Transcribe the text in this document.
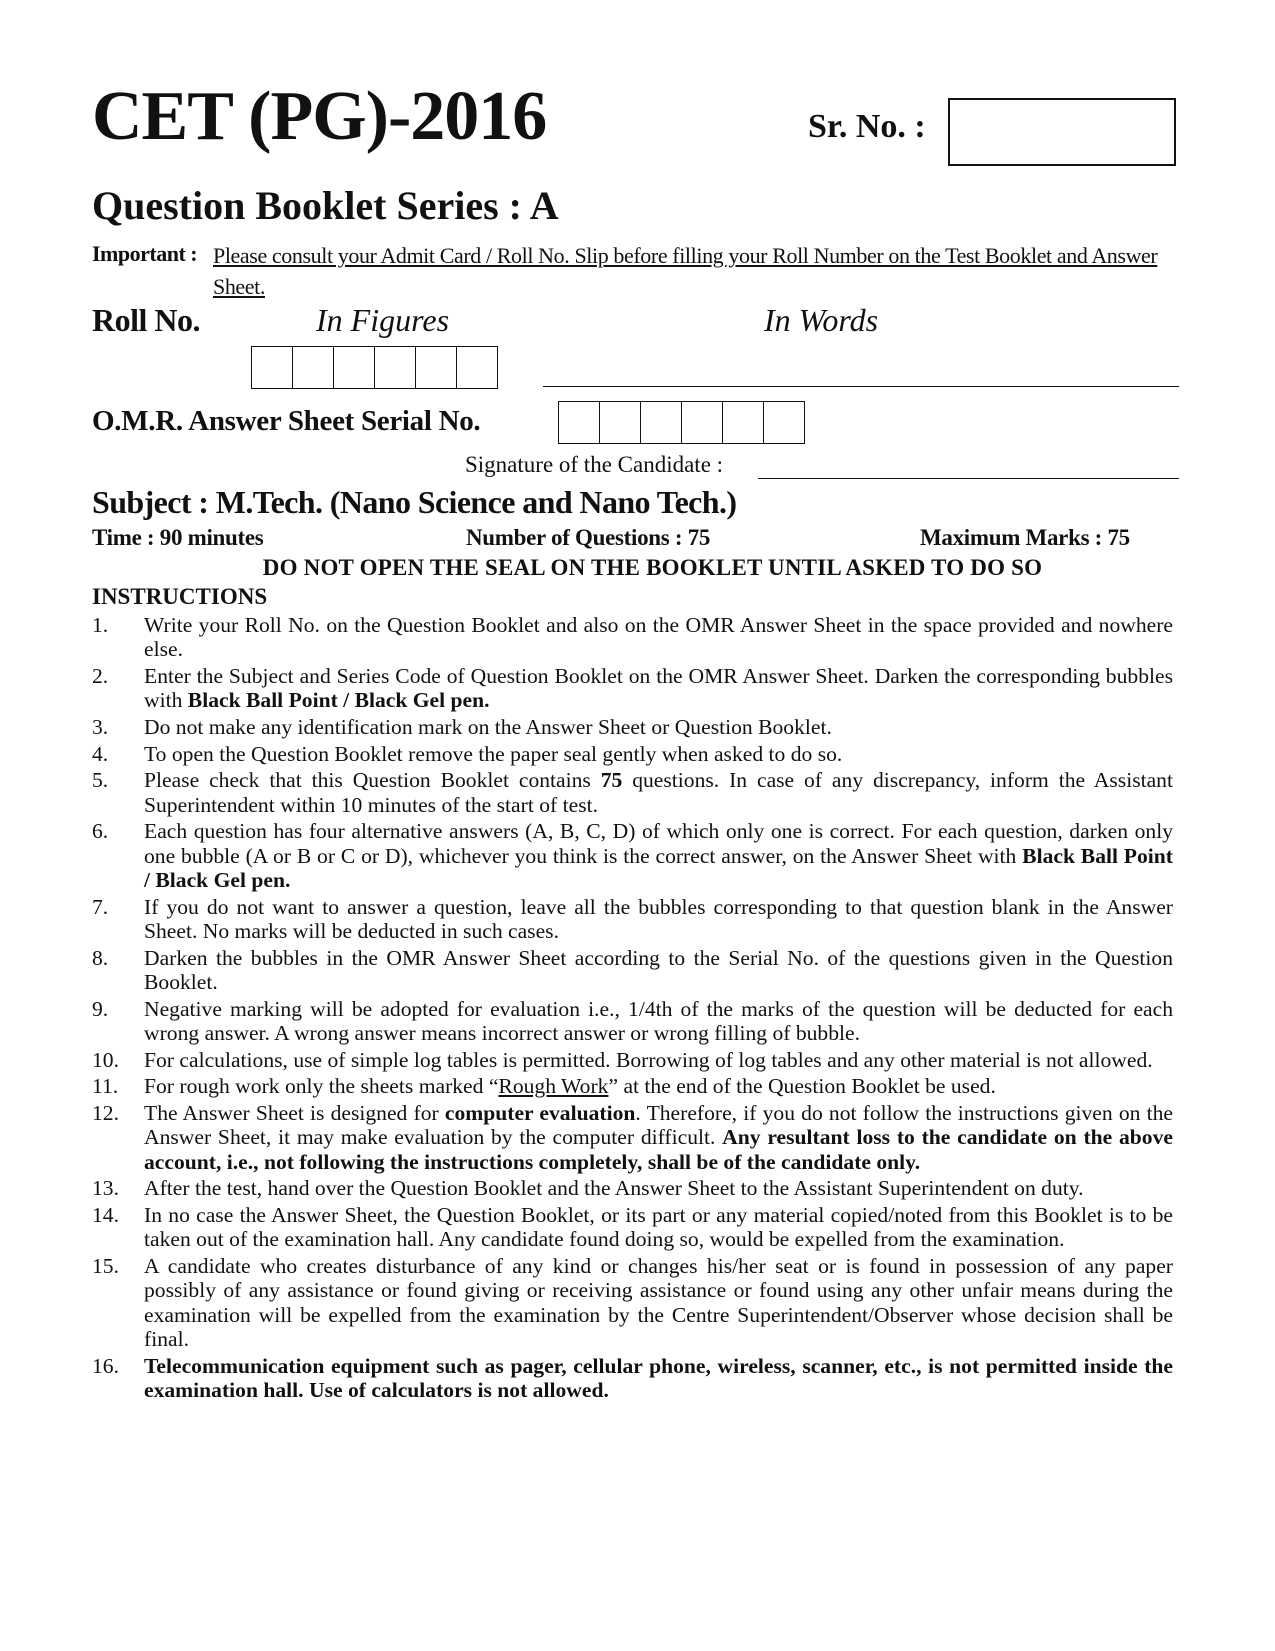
CET (PG)-2016	Sr. No. :
Question Booklet Series : A
Important : Please consult your Admit Card / Roll No. Slip before filling your Roll Number on the Test Booklet and Answer Sheet.
Roll No.	In Figures	In Words
O.M.R. Answer Sheet Serial No.
Signature of the Candidate :
Subject : M.Tech. (Nano Science and Nano Tech.)
Time : 90 minutes	Number of Questions : 75	Maximum Marks : 75
DO NOT OPEN THE SEAL ON THE BOOKLET UNTIL ASKED TO DO SO
INSTRUCTIONS
1.	Write your Roll No. on the Question Booklet and also on the OMR Answer Sheet in the space provided and nowhere else.
2.	Enter the Subject and Series Code of Question Booklet on the OMR Answer Sheet. Darken the corresponding bubbles with Black Ball Point / Black Gel pen.
3.	Do not make any identification mark on the Answer Sheet or Question Booklet.
4.	To open the Question Booklet remove the paper seal gently when asked to do so.
5.	Please check that this Question Booklet contains 75 questions. In case of any discrepancy, inform the Assistant Superintendent within 10 minutes of the start of test.
6.	Each question has four alternative answers (A, B, C, D) of which only one is correct. For each question, darken only one bubble (A or B or C or D), whichever you think is the correct answer, on the Answer Sheet with Black Ball Point / Black Gel pen.
7.	If you do not want to answer a question, leave all the bubbles corresponding to that question blank in the Answer Sheet. No marks will be deducted in such cases.
8.	Darken the bubbles in the OMR Answer Sheet according to the Serial No. of the questions given in the Question Booklet.
9.	Negative marking will be adopted for evaluation i.e., 1/4th of the marks of the question will be deducted for each wrong answer. A wrong answer means incorrect answer or wrong filling of bubble.
10.	For calculations, use of simple log tables is permitted. Borrowing of log tables and any other material is not allowed.
11.	For rough work only the sheets marked “Rough Work” at the end of the Question Booklet be used.
12.	The Answer Sheet is designed for computer evaluation. Therefore, if you do not follow the instructions given on the Answer Sheet, it may make evaluation by the computer difficult. Any resultant loss to the candidate on the above account, i.e., not following the instructions completely, shall be of the candidate only.
13.	After the test, hand over the Question Booklet and the Answer Sheet to the Assistant Superintendent on duty.
14.	In no case the Answer Sheet, the Question Booklet, or its part or any material copied/noted from this Booklet is to be taken out of the examination hall. Any candidate found doing so, would be expelled from the examination.
15.	A candidate who creates disturbance of any kind or changes his/her seat or is found in possession of any paper possibly of any assistance or found giving or receiving assistance or found using any other unfair means during the examination will be expelled from the examination by the Centre Superintendent/Observer whose decision shall be final.
16.	Telecommunication equipment such as pager, cellular phone, wireless, scanner, etc., is not permitted inside the examination hall. Use of calculators is not allowed.
